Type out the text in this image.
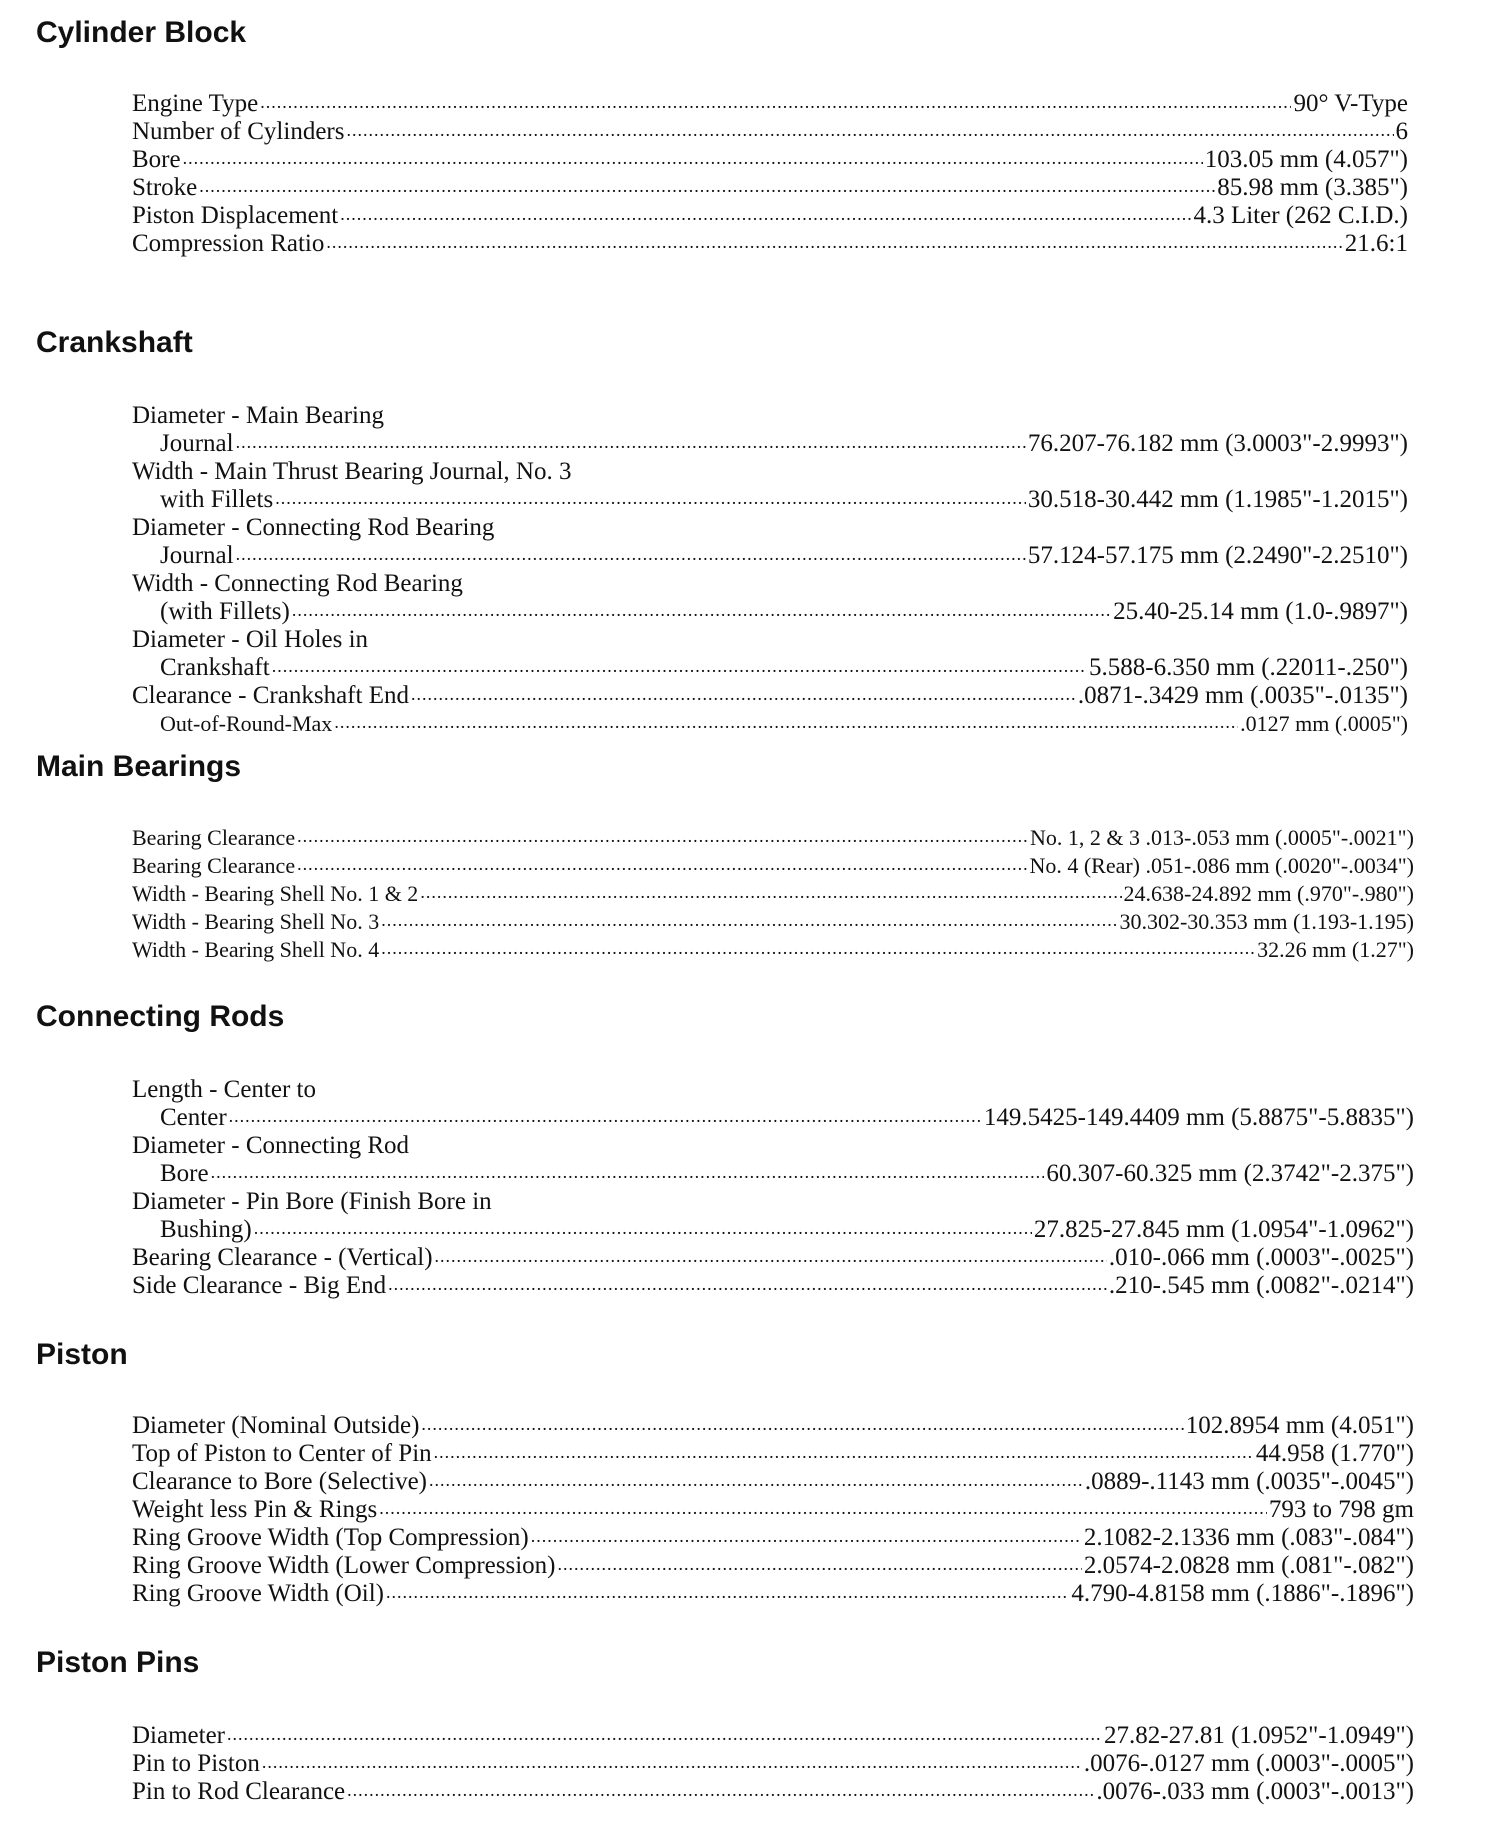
Cylinder Block
Engine Type .....	90° V-Type
Number of Cylinders .....	6
Bore .....	103.05 mm (4.057")
Stroke .....	85.98 mm (3.385")
Piston Displacement .....	4.3 Liter (262 C.I.D.)
Compression Ratio .....	21.6:1
Crankshaft
Diameter - Main Bearing
Journal .....	76.207-76.182 mm (3.0003"-2.9993")
Width - Main Thrust Bearing Journal, No. 3
with Fillets .....	30.518-30.442 mm (1.1985"-1.2015")
Diameter - Connecting Rod Bearing
Journal .....	57.124-57.175 mm (2.2490"-2.2510")
Width - Connecting Rod Bearing
(with Fillets) .....	25.40-25.14 mm (1.0-.9897")
Diameter - Oil Holes in
Crankshaft .....	5.588-6.350 mm (.22011-.250")
Clearance - Crankshaft End .....	.0871-.3429 mm (.0035"-.0135")
Out-of-Round-Max .....	.0127 mm (.0005")
Main Bearings
Bearing Clearance .....	No. 1, 2 & 3 .013-.053 mm (.0005"-.0021")
Bearing Clearance .....	No. 4 (Rear) .051-.086 mm (.0020"-.0034")
Width - Bearing Shell No. 1 & 2 .....	24.638-24.892 mm (.970"-.980")
Width - Bearing Shell No. 3 .....	30.302-30.353 mm (1.193-1.195)
Width - Bearing Shell No. 4 .....	32.26 mm (1.27")
Connecting Rods
Length - Center to
Center .....	149.5425-149.4409 mm (5.8875"-5.8835")
Diameter - Connecting Rod
Bore .....	60.307-60.325 mm (2.3742"-2.375")
Diameter - Pin Bore (Finish Bore in
Bushing) .....	27.825-27.845 mm (1.0954"-1.0962")
Bearing Clearance - (Vertical) .....	.010-.066 mm (.0003"-.0025")
Side Clearance - Big End .....	.210-.545 mm (.0082"-.0214")
Piston
Diameter (Nominal Outside) .....	102.8954 mm (4.051")
Top of Piston to Center of Pin .....	44.958 (1.770")
Clearance to Bore (Selective) .....	.0889-.1143 mm (.0035"-.0045")
Weight less Pin & Rings .....	793 to 798 gm
Ring Groove Width (Top Compression) .....	2.1082-2.1336 mm (.083"-.084")
Ring Groove Width (Lower Compression) .....	2.0574-2.0828 mm (.081"-.082")
Ring Groove Width (Oil) .....	4.790-4.8158 mm (.1886"-.1896")
Piston Pins
Diameter .....	27.82-27.81 (1.0952"-1.0949")
Pin to Piston .....	.0076-.0127 mm (.0003"-.0005")
Pin to Rod Clearance .....	.0076-.033 mm (.0003"-.0013")
